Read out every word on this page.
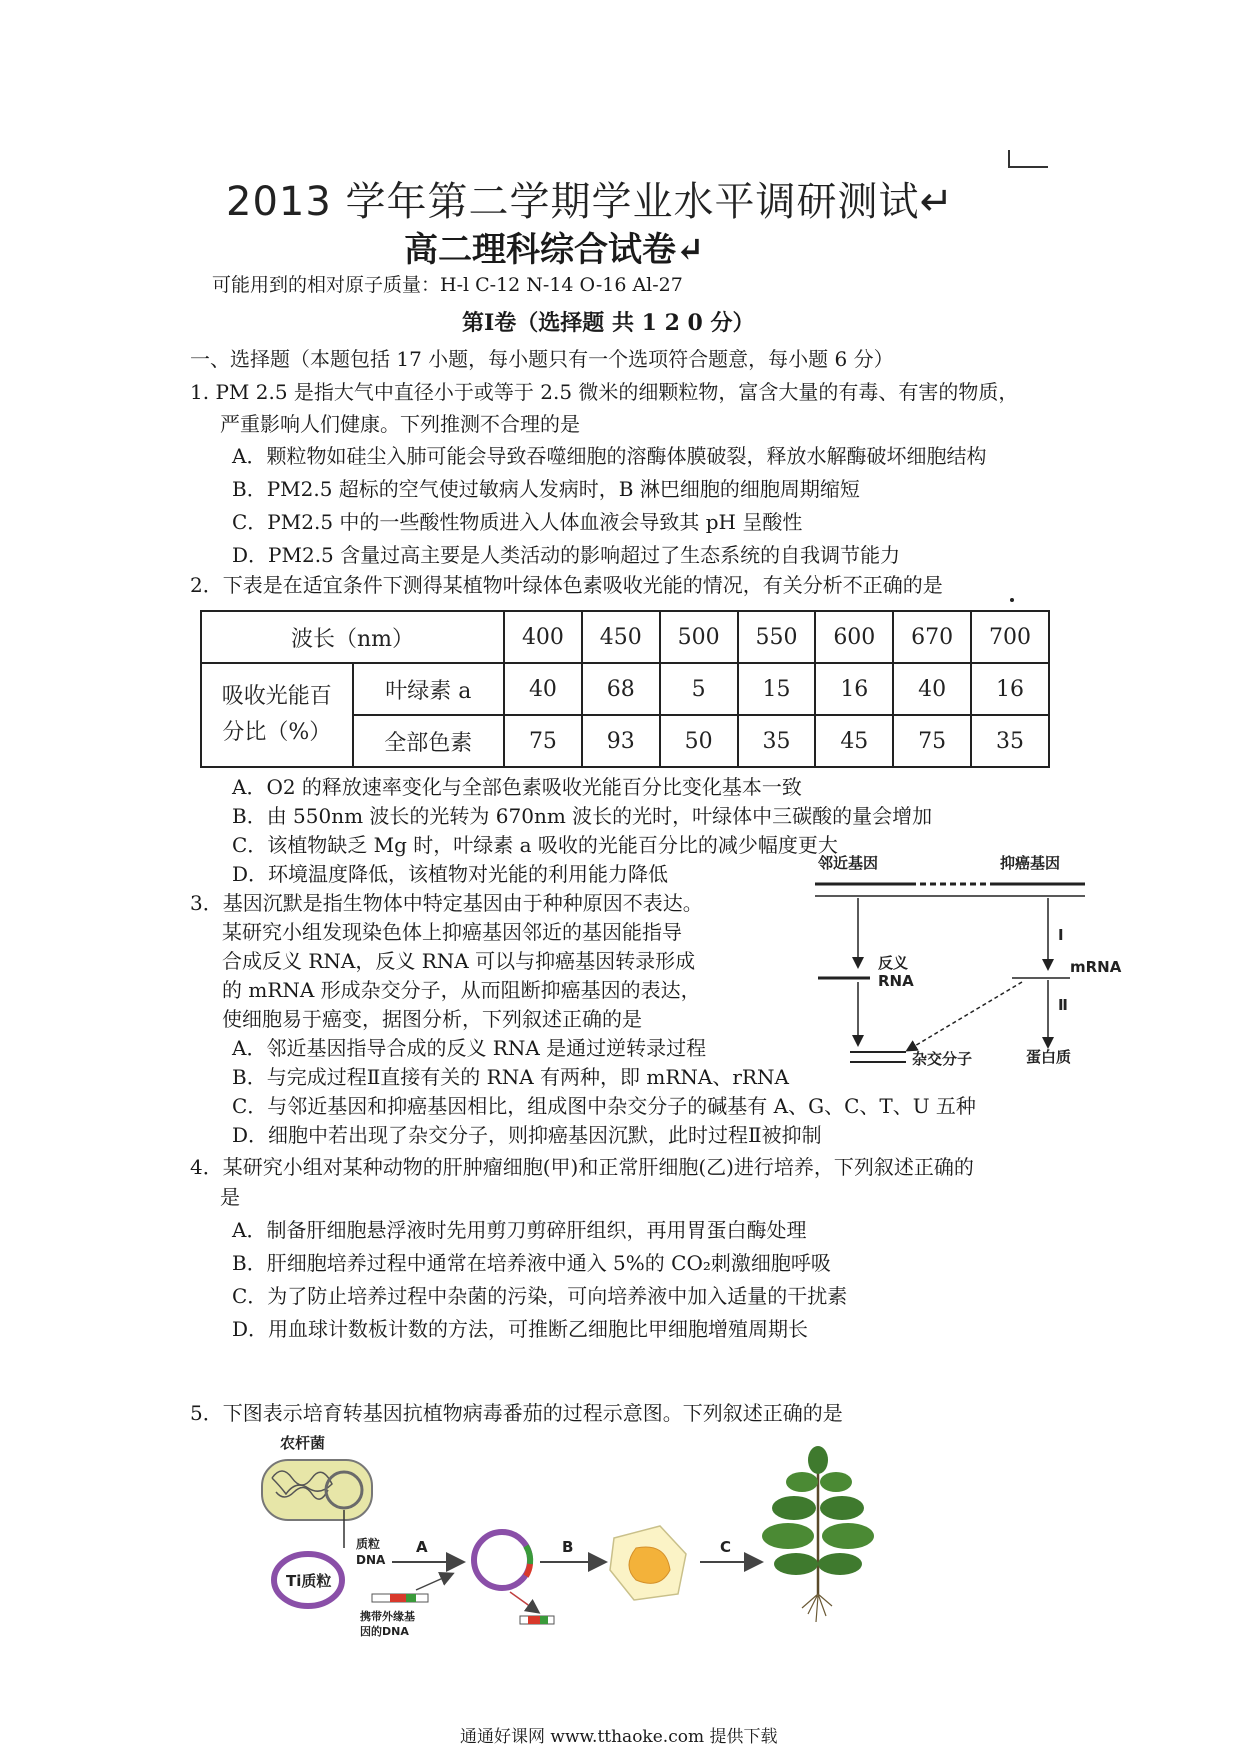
2013 学年第二学期学业水平调研测试↵
高二理科综合试卷↵
可能用到的相对原子质量：H-l C-12 N-14 O-16 Al-27
第Ⅰ卷（选择题 共 1 2 0 分）
一、选择题（本题包括 17 小题，每小题只有一个选项符合题意，每小题 6 分）
1. PM 2.5 是指大气中直径小于或等于 2.5 微米的细颗粒物，富含大量的有毒、有害的物质，
严重影响人们健康。下列推测不合理的是
A．颗粒物如硅尘入肺可能会导致吞噬细胞的溶酶体膜破裂，释放水解酶破坏细胞结构
B．PM2.5 超标的空气使过敏病人发病时，B 淋巴细胞的细胞周期缩短
C．PM2.5 中的一些酸性物质进入人体血液会导致其 pH 呈酸性
D．PM2.5 含量过高主要是人类活动的影响超过了生态系统的自我调节能力
2．下表是在适宜条件下测得某植物叶绿体色素吸收光能的情况，有关分析不正确的是
波长（nm）		400	450	500	550	600	670	700

吸收光能百
分比（%）	叶绿素 a	40	68	5	15	16	40	16
	全部色素	75	93	50	35	45	75	35
A．O2 的释放速率变化与全部色素吸收光能百分比变化基本一致
B．由 550nm 波长的光转为 670nm 波长的光时，叶绿体中三碳酸的量会增加
C．该植物缺乏 Mg 时，叶绿素 a 吸收的光能百分比的减少幅度更大
D．环境温度降低，该植物对光能的利用能力降低
3．基因沉默是指生物体中特定基因由于种种原因不表达。
某研究小组发现染色体上抑癌基因邻近的基因能指导
合成反义 RNA，反义 RNA 可以与抑癌基因转录形成
的 mRNA 形成杂交分子，从而阻断抑癌基因的表达，
使细胞易于癌变，据图分析，下列叙述正确的是
A．邻近基因指导合成的反义 RNA 是通过逆转录过程
B．与完成过程Ⅱ直接有关的 RNA 有两种，即 mRNA、rRNA
C．与邻近基因和抑癌基因相比，组成图中杂交分子的碱基有 A、G、C、T、U 五种
D．细胞中若出现了杂交分子，则抑癌基因沉默，此时过程Ⅱ被抑制
邻近基因	抑癌基因
反义
RNA
Ⅰ
mRNA
Ⅱ
蛋白质
杂交分子
4．某研究小组对某种动物的肝肿瘤细胞(甲)和正常肝细胞(乙)进行培养，下列叙述正确的
是
A．制备肝细胞悬浮液时先用剪刀剪碎肝组织，再用胃蛋白酶处理
B．肝细胞培养过程中通常在培养液中通入 5%的 CO₂刺激细胞呼吸
C．为了防止培养过程中杂菌的污染，可向培养液中加入适量的干扰素
D．用血球计数板计数的方法，可推断乙细胞比甲细胞增殖周期长
5．下图表示培育转基因抗植物病毒番茄的过程示意图。下列叙述正确的是
农杆菌
Ti质粒
质粒
DNA
携带外缘基
因的DNA
A	B	C
通通好课网 www.tthaoke.com 提供下载
